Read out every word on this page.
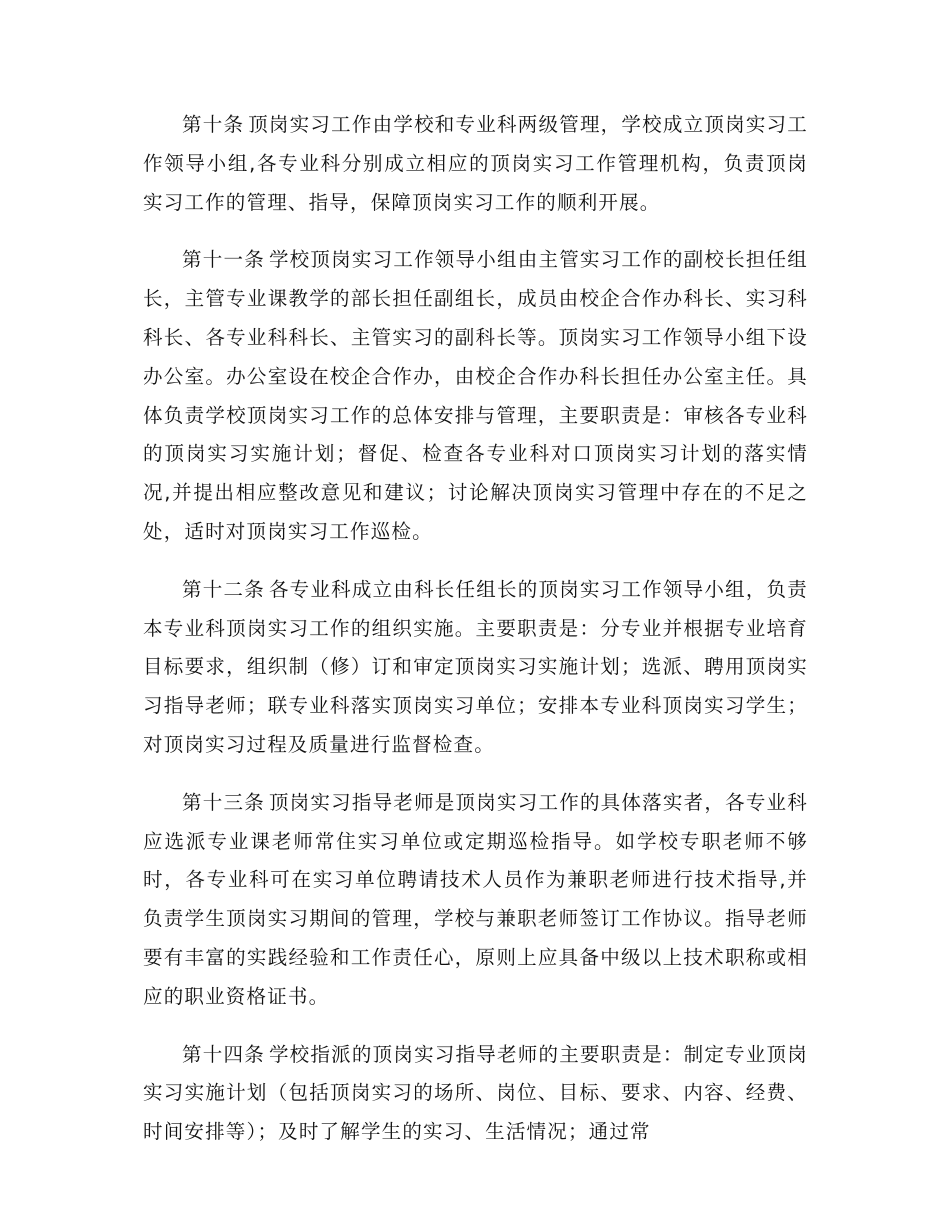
第十条 顶岗实习工作由学校和专业科两级管理，学校成立顶岗实习工作领导小组,各专业科分别成立相应的顶岗实习工作管理机构，负责顶岗实习工作的管理、指导，保障顶岗实习工作的顺利开展。

第十一条 学校顶岗实习工作领导小组由主管实习工作的副校长担任组长，主管专业课教学的部长担任副组长，成员由校企合作办科长、实习科科长、各专业科科长、主管实习的副科长等。顶岗实习工作领导小组下设办公室。办公室设在校企合作办，由校企合作办科长担任办公室主任。具体负责学校顶岗实习工作的总体安排与管理，主要职责是：审核各专业科的顶岗实习实施计划；督促、检查各专业科对口顶岗实习计划的落实情况,并提出相应整改意见和建议；讨论解决顶岗实习管理中存在的不足之处，适时对顶岗实习工作巡检。

第十二条 各专业科成立由科长任组长的顶岗实习工作领导小组，负责本专业科顶岗实习工作的组织实施。主要职责是：分专业并根据专业培育目标要求，组织制（修）订和审定顶岗实习实施计划；选派、聘用顶岗实习指导老师；联专业科落实顶岗实习单位；安排本专业科顶岗实习学生；对顶岗实习过程及质量进行监督检查。

第十三条 顶岗实习指导老师是顶岗实习工作的具体落实者，各专业科应选派专业课老师常住实习单位或定期巡检指导。如学校专职老师不够时，各专业科可在实习单位聘请技术人员作为兼职老师进行技术指导,并负责学生顶岗实习期间的管理，学校与兼职老师签订工作协议。指导老师要有丰富的实践经验和工作责任心，原则上应具备中级以上技术职称或相应的职业资格证书。

第十四条 学校指派的顶岗实习指导老师的主要职责是：制定专业顶岗实习实施计划（包括顶岗实习的场所、岗位、目标、要求、内容、经费、时间安排等）；及时了解学生的实习、生活情况；通过常
